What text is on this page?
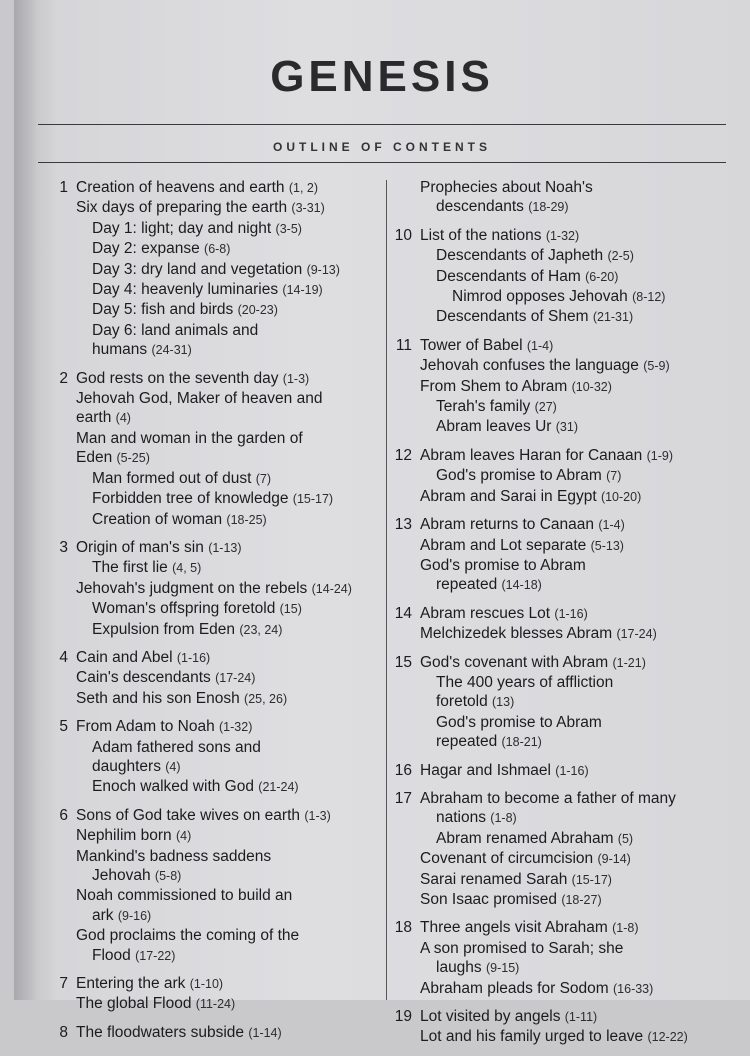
GENESIS
OUTLINE OF CONTENTS
1 Creation of heavens and earth (1, 2)
Six days of preparing the earth (3-31)
Day 1: light; day and night (3-5)
Day 2: expanse (6-8)
Day 3: dry land and vegetation (9-13)
Day 4: heavenly luminaries (14-19)
Day 5: fish and birds (20-23)
Day 6: land animals and
humans (24-31)
2 God rests on the seventh day (1-3)
Jehovah God, Maker of heaven and
earth (4)
Man and woman in the garden of
Eden (5-25)
Man formed out of dust (7)
Forbidden tree of knowledge (15-17)
Creation of woman (18-25)
3 Origin of man's sin (1-13)
The first lie (4, 5)
Jehovah's judgment on the rebels (14-24)
Woman's offspring foretold (15)
Expulsion from Eden (23, 24)
4 Cain and Abel (1-16)
Cain's descendants (17-24)
Seth and his son Enosh (25, 26)
5 From Adam to Noah (1-32)
Adam fathered sons and
daughters (4)
Enoch walked with God (21-24)
6 Sons of God take wives on earth (1-3)
Nephilim born (4)
Mankind's badness saddens
Jehovah (5-8)
Noah commissioned to build an
ark (9-16)
God proclaims the coming of the
Flood (17-22)
7 Entering the ark (1-10)
The global Flood (11-24)
8 The floodwaters subside (1-14)
Prophecies about Noah's
descendants (18-29)
10 List of the nations (1-32)
Descendants of Japheth (2-5)
Descendants of Ham (6-20)
Nimrod opposes Jehovah (8-12)
Descendants of Shem (21-31)
11 Tower of Babel (1-4)
Jehovah confuses the language (5-9)
From Shem to Abram (10-32)
Terah's family (27)
Abram leaves Ur (31)
12 Abram leaves Haran for Canaan (1-9)
God's promise to Abram (7)
Abram and Sarai in Egypt (10-20)
13 Abram returns to Canaan (1-4)
Abram and Lot separate (5-13)
God's promise to Abram
repeated (14-18)
14 Abram rescues Lot (1-16)
Melchizedek blesses Abram (17-24)
15 God's covenant with Abram (1-21)
The 400 years of affliction
foretold (13)
God's promise to Abram
repeated (18-21)
16 Hagar and Ishmael (1-16)
17 Abraham to become a father of many
nations (1-8)
Abram renamed Abraham (5)
Covenant of circumcision (9-14)
Sarai renamed Sarah (15-17)
Son Isaac promised (18-27)
18 Three angels visit Abraham (1-8)
A son promised to Sarah; she
laughs (9-15)
Abraham pleads for Sodom (16-33)
19 Lot visited by angels (1-11)
Lot and his family urged to leave (12-22)
